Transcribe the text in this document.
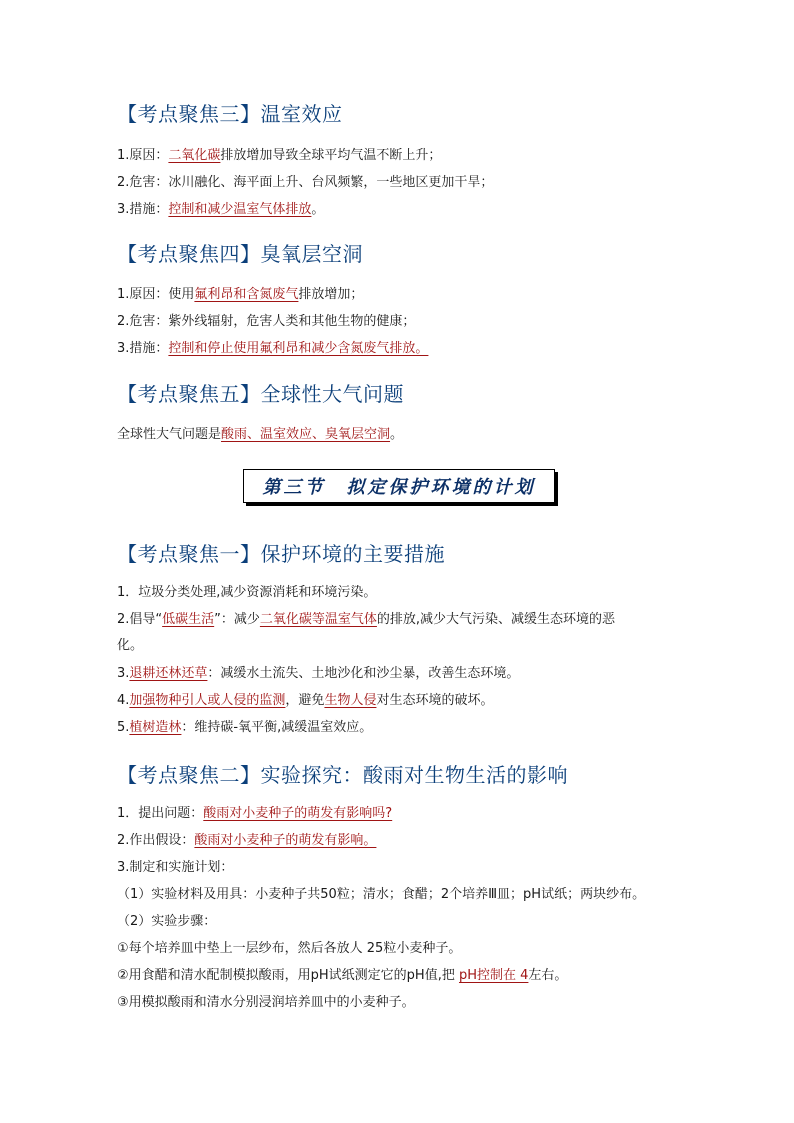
【考点聚焦三】温室效应
1.原因：二氧化碳排放增加导致全球平均气温不断上升；
2.危害：冰川融化、海平面上升、台风频繁，一些地区更加干旱；
3.措施：控制和减少温室气体排放。
【考点聚焦四】臭氧层空洞
1.原因：使用氟利昂和含氮废气排放增加；
2.危害：紫外线辐射，危害人类和其他生物的健康；
3.措施：控制和停止使用氟利昂和减少含氮废气排放。
【考点聚焦五】全球性大气问题
全球性大气问题是酸雨、温室效应、臭氧层空洞。
第三节　拟定保护环境的计划
【考点聚焦一】保护环境的主要措施
1．垃圾分类处理,减少资源消耗和环境污染。
2.倡导“低碳生活”：减少二氧化碳等温室气体的排放,减少大气污染、减缓生态环境的恶
化。
3.退耕还林还草：减缓水土流失、土地沙化和沙尘暴，改善生态环境。
4.加强物种引人或人侵的监测，避免生物人侵对生态环境的破坏。
5.植树造林：维持碳-氧平衡,减缓温室效应。
【考点聚焦二】实验探究：酸雨对生物生活的影响
1．提出问题：酸雨对小麦种子的萌发有影响吗?
2.作出假设：酸雨对小麦种子的萌发有影响。
3.制定和实施计划：
（1）实验材料及用具：小麦种子共50粒；清水；食醋；2个培养Ⅲ皿；pH试纸；两块纱布。
（2）实验步骤：
①每个培养皿中垫上一层纱布，然后各放人 25粒小麦种子。
②用食醋和清水配制模拟酸雨，用pH试纸测定它的pH值,把 pH控制在 4左右。
③用模拟酸雨和清水分别浸润培养皿中的小麦种子。
